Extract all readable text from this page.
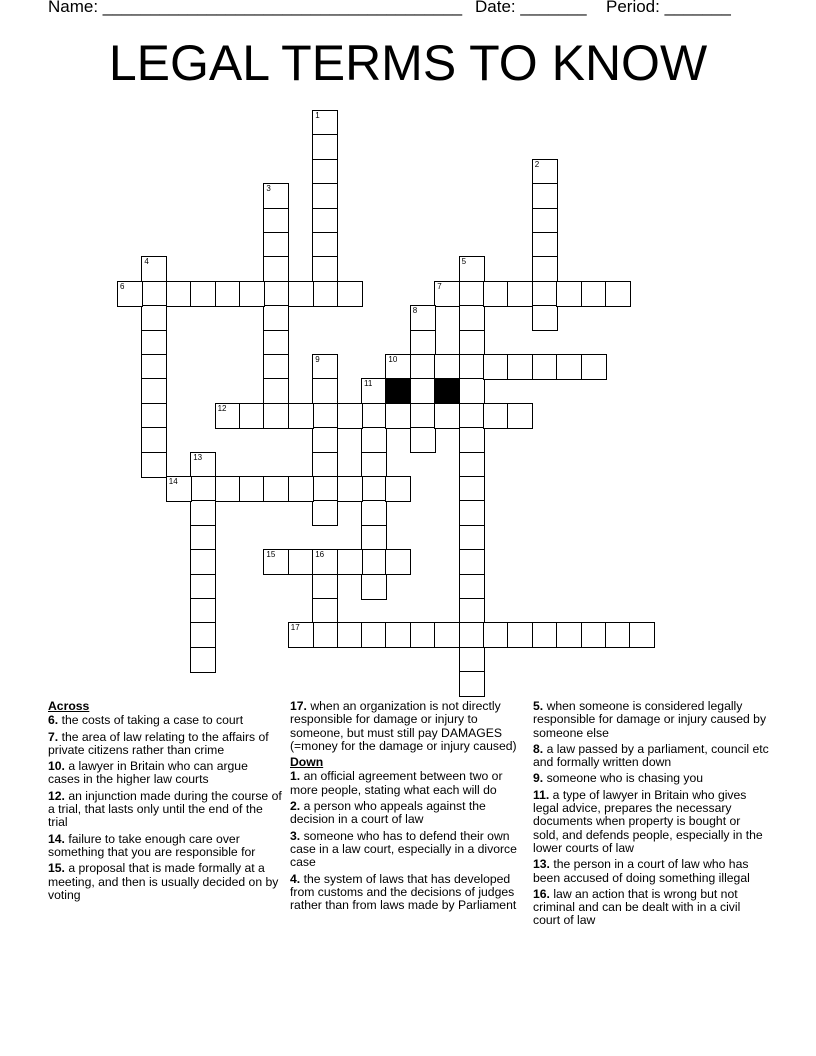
Name: ______________________________________ Date: _______ Period: _______
LEGAL TERMS TO KNOW
1
2
3
4	5
6	7
8
9	10
11
12
13
14
15	16
17
Across
6. the costs of taking a case to court
7. the area of law relating to the affairs of private citizens rather than crime
10. a lawyer in Britain who can argue cases in the higher law courts
12. an injunction made during the course of a trial, that lasts only until the end of the trial
14. failure to take enough care over something that you are responsible for
15. a proposal that is made formally at a meeting, and then is usually decided on by voting
17. when an organization is not directly responsible for damage or injury to someone, but must still pay DAMAGES (=money for the damage or injury caused)
Down
1. an official agreement between two or more people, stating what each will do
2. a person who appeals against the decision in a court of law
3. someone who has to defend their own case in a law court, especially in a divorce case
4. the system of laws that has developed from customs and the decisions of judges rather than from laws made by Parliament
5. when someone is considered legally responsible for damage or injury caused by someone else
8. a law passed by a parliament, council etc and formally written down
9. someone who is chasing you
11. a type of lawyer in Britain who gives legal advice, prepares the necessary documents when property is bought or sold, and defends people, especially in the lower courts of law
13. the person in a court of law who has been accused of doing something illegal
16. law an action that is wrong but not criminal and can be dealt with in a civil court of law
